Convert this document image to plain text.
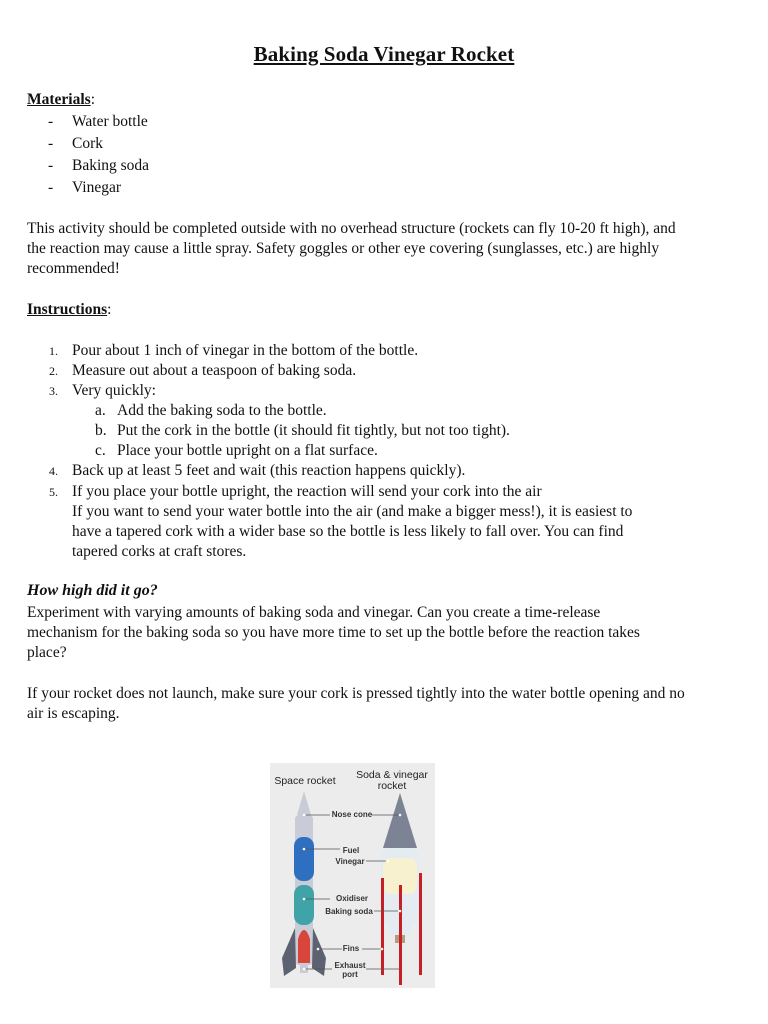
Baking Soda Vinegar Rocket
Materials:
- Water bottle
- Cork
- Baking soda
- Vinegar
This activity should be completed outside with no overhead structure (rockets can fly 10-20 ft high), and the reaction may cause a little spray. Safety goggles or other eye covering (sunglasses, etc.) are highly recommended!
Instructions:
1. Pour about 1 inch of vinegar in the bottom of the bottle.
2. Measure out about a teaspoon of baking soda.
3. Very quickly:
a. Add the baking soda to the bottle.
b. Put the cork in the bottle (it should fit tightly, but not too tight).
c. Place your bottle upright on a flat surface.
4. Back up at least 5 feet and wait (this reaction happens quickly).
5. If you place your bottle upright, the reaction will send your cork into the air
If you want to send your water bottle into the air (and make a bigger mess!), it is easiest to have a tapered cork with a wider base so the bottle is less likely to fall over. You can find tapered corks at craft stores.
How high did it go?
Experiment with varying amounts of baking soda and vinegar. Can you create a time-release mechanism for the baking soda so you have more time to set up the bottle before the reaction takes place?
If your rocket does not launch, make sure your cork is pressed tightly into the water bottle opening and no air is escaping.
Space rocket	Soda & vinegar rocket
Nose cone
Fuel
Vinegar
Oxidiser
Baking soda
Fins
Exhaust port
